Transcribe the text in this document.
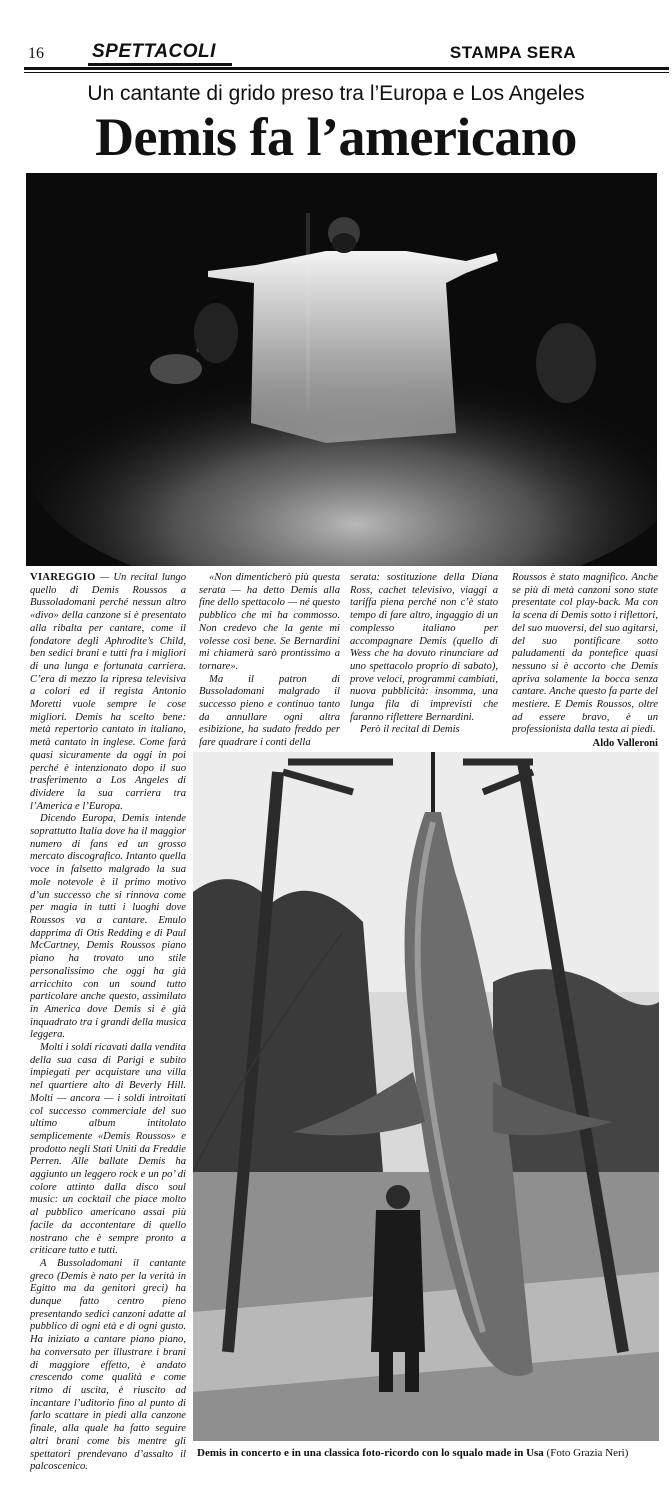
16	SPETTACOLI	STAMPA SERA
Un cantante di grido preso tra l’Europa e Los Angeles
Demis fa l’americano

VIAREGGIO — Un recital lungo quello di Demis Roussos a Bussoladomani perché nessun altro «divo» della canzone si è presentato alla ribalta per cantare, come il fondatore degli Aphrodite’s Child, ben sedici brani e tutti fra i migliori di una lunga e fortunata carriera. C’era di mezzo la ripresa televisiva a colori ed il regista Antonio Moretti vuole sempre le cose migliori. Demis ha scelto bene: metà repertorio cantato in italiano, metà cantato in inglese. Come farà quasi sicuramente da oggi in poi perché è intenzionato dopo il suo trasferimento a Los Angeles di dividere la sua carriera tra l’America e l’Europa.

Dicendo Europa, Demis intende soprattutto Italia dove ha il maggior numero di fans ed un grosso mercato discografico. Intanto quella voce in falsetto malgrado la sua mole notevole è il primo motivo d’un successo che si rinnova come per magia in tutti i luoghi dove Roussos va a cantare. Emulo dapprima di Otis Redding e di Paul McCartney, Demis Roussos piano piano ha trovato uno stile personalissimo che oggi ha già arricchito con un sound tutto particolare anche questo, assimilato in America dove Demis si è già inquadrato tra i grandi della musica leggera.

Molti i soldi ricavati dalla vendita della sua casa di Parigi e subito impiegati per acquistare una villa nel quartiere alto di Beverly Hill. Molti — ancora — i soldi introitati col successo commerciale del suo ultimo album intitolato semplicemente «Demis Roussos» e prodotto negli Stati Uniti da Freddie Perren. Alle ballate Demis ha aggiunto un leggero rock e un po’ di colore attinto dalla disco soul music: un cocktail che piace molto al pubblico americano assai più facile da accontentare di quello nostrano che è sempre pronto a criticare tutto e tutti.

A Bussoladomani il cantante greco (Demis è nato per la verità in Egitto ma da genitori greci) ha dunque fatto centro pieno presentando sedici canzoni adatte al pubblico di ogni età e di ogni gusto. Ha iniziato a cantare piano piano, ha conversato per illustrare i brani di maggiore effetto, è andato crescendo come qualità e come ritmo di uscita, è riuscito ad incantare l’uditorio fino al punto di farlo scattare in piedi alla canzone finale, alla quale ha fatto seguire altri brani come bis mentre gli spettatori prendevano d’assalto il palcoscenico.

«Non dimenticherò più questa serata — ha detto Demis alla fine dello spettacolo — né questo pubblico che mi ha commosso. Non credevo che la gente mi volesse così bene. Se Bernardini mi chiamerà sarò prontissimo a tornare».

Ma il patron di Bussoladomani malgrado il successo pieno e continuo tanto da annullare ogni altra esibizione, ha sudato freddo per fare quadrare i conti della

serata: sostituzione della Diana Ross, cachet televisivo, viaggi a tariffa piena perché non c’è stato tempo di fare altro, ingaggio di un complesso italiano per accompagnare Demis (quello di Wess che ha dovuto rinunciare ad uno spettacolo proprio di sabato), prove veloci, programmi cambiati, nuova pubblicità: insomma, una lunga fila di imprevisti che faranno riflettere Bernardini.

Però il recital di Demis

Roussos è stato magnifico. Anche se più di metà canzoni sono state presentate col play-back. Ma con la scena di Demis sotto i riflettori, del suo muoversi, del suo agitarsi, del suo pontificare sotto paludamenti da pontefice quasi nessuno si è accorto che Demis apriva solamente la bocca senza cantare. Anche questo fa parte del mestiere. E Demis Roussos, oltre ad essere bravo, è un professionista dalla testa ai piedi.

Aldo Valleroni
Demis in concerto e in una classica foto-ricordo con lo squalo made in Usa (Foto Grazia Neri)
